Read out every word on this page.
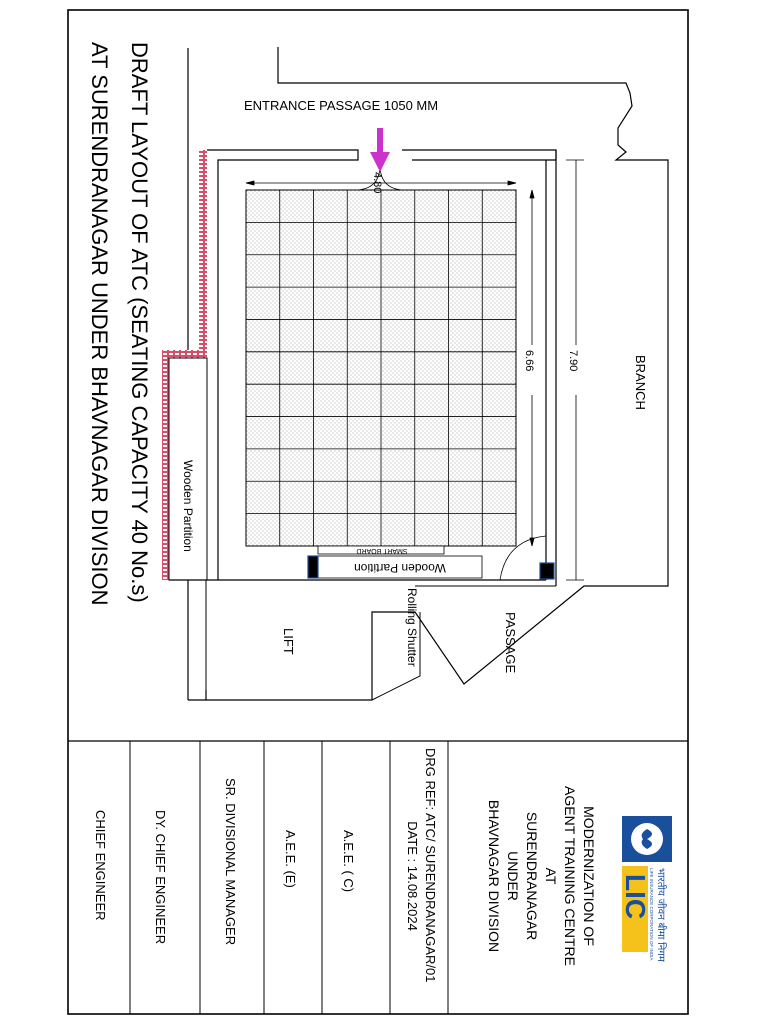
Wooden Partition
4.80
6.66	7.90
ENTRANCE PASSAGE 1050 MM
SMART BOARD
Wooden Partition
BRANCH
PASSAGE
Rolling Shutter
LIFT
DRAFT LAYOUT OF ATC (SEATING CAPACITY 40 No.s)
AT SURENDRANAGAR UNDER BHAVNAGAR DIVISION
LIC भारतीय जीवन बीमा निगम
LIFE INSURANCE CORPORATION OF INDIA
MODERNIZATION OF
AGENT TRAINING CENTRE
AT
SURENDRANAGAR
UNDER
BHAVNAGAR DIVISION
DRG REF: ATC/ SURENDRANAGAR/01
DATE : 14.08.2024
A.E.E. ( C)
A.E.E. (E)
SR. DIVISIONAL MANAGER
DY. CHIEF ENGINEER
CHIEF ENGINEER
